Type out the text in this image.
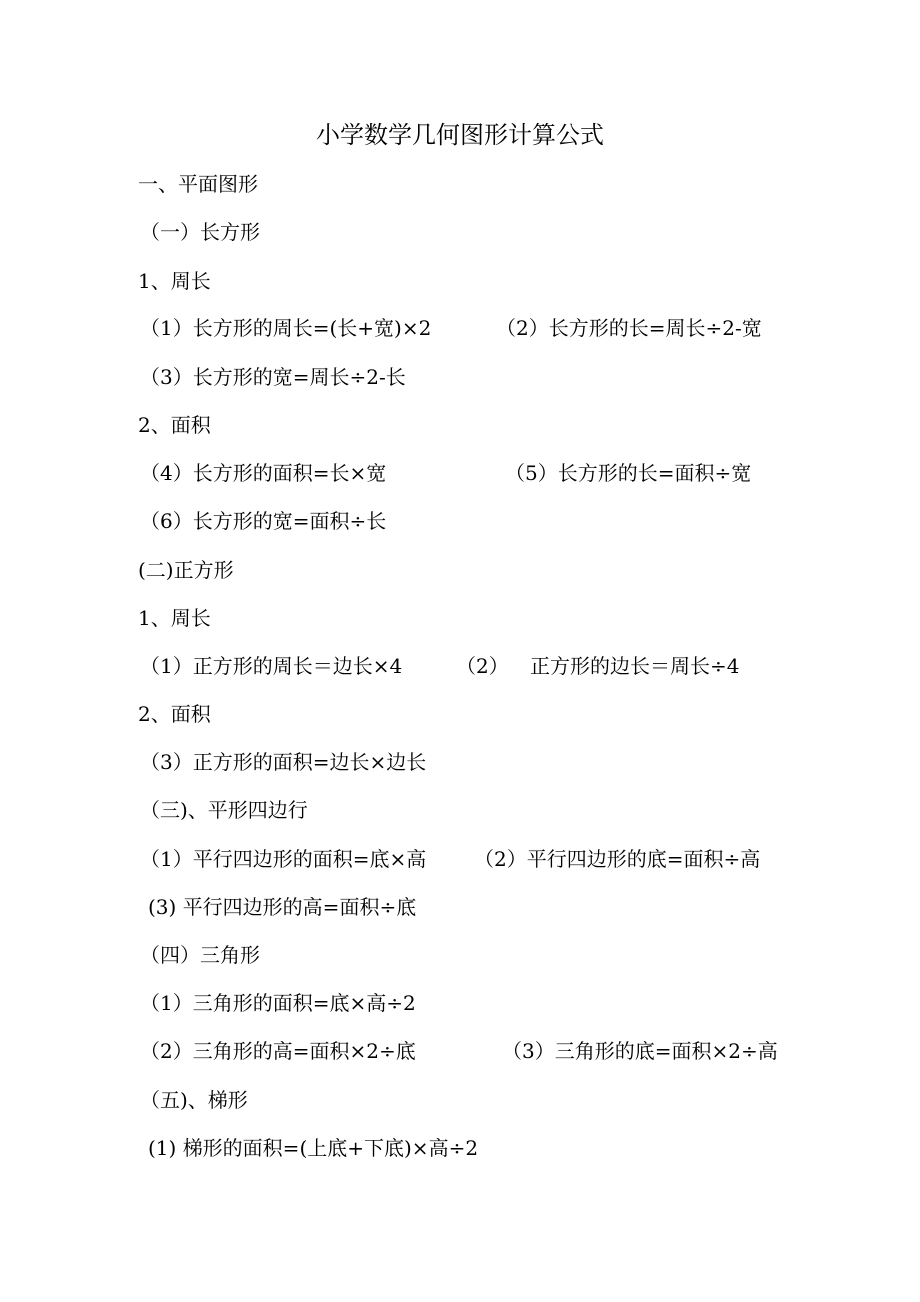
小学数学几何图形计算公式
一、平面图形
（一）长方形
1、周长
（1）长方形的周长=(长+宽)×2	（2）长方形的长=周长÷2-宽
（3）长方形的宽=周长÷2-长
2、面积
（4）长方形的面积=长×宽	（5）长方形的长=面积÷宽
（6）长方形的宽=面积÷长
(二)正方形
1、周长
（1）正方形的周长＝边长×4	（2） 正方形的边长＝周长÷4
2、面积
（3）正方形的面积=边长×边长
（三)、平形四边行
（1）平行四边形的面积=底×高 （2）平行四边形的底=面积÷高
(3) 平行四边形的高=面积÷底
（四）三角形
（1）三角形的面积=底×高÷2
（2）三角形的高=面积×2÷底	（3）三角形的底=面积×2÷高
（五)、梯形
(1) 梯形的面积=(上底+下底)×高÷2
